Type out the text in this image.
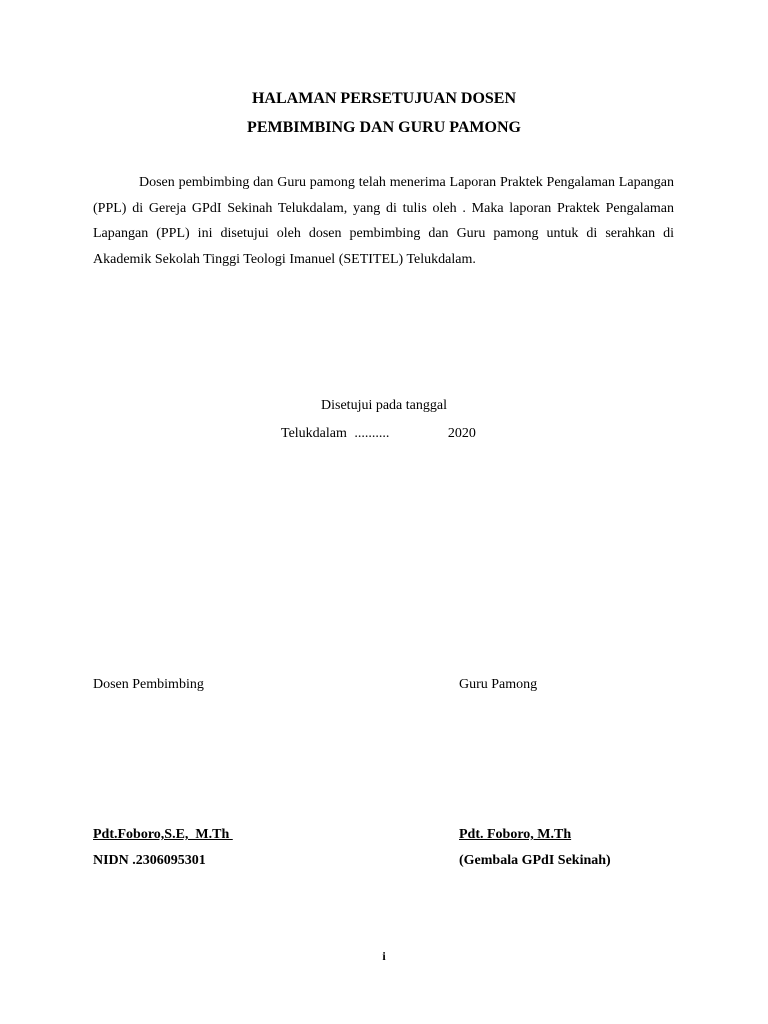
HALAMAN PERSETUJUAN DOSEN
PEMBIMBING DAN GURU PAMONG

Dosen pembimbing dan Guru pamong telah menerima Laporan Praktek Pengalaman Lapangan (PPL) di Gereja GPdI Sekinah Telukdalam, yang di tulis oleh . Maka laporan Praktek Pengalaman Lapangan (PPL) ini disetujui oleh dosen pembimbing dan Guru pamong untuk di serahkan di Akademik Sekolah Tinggi Teologi Imanuel (SETITEL) Telukdalam.

Disetujui pada tanggal

Telukdalam ..........	2020

Dosen Pembimbing	Guru Pamong

Pdt.Foboro,S.E,  M.Th	Pdt. Foboro, M.Th

NIDN .2306095301	(Gembala GPdI Sekinah)

i
